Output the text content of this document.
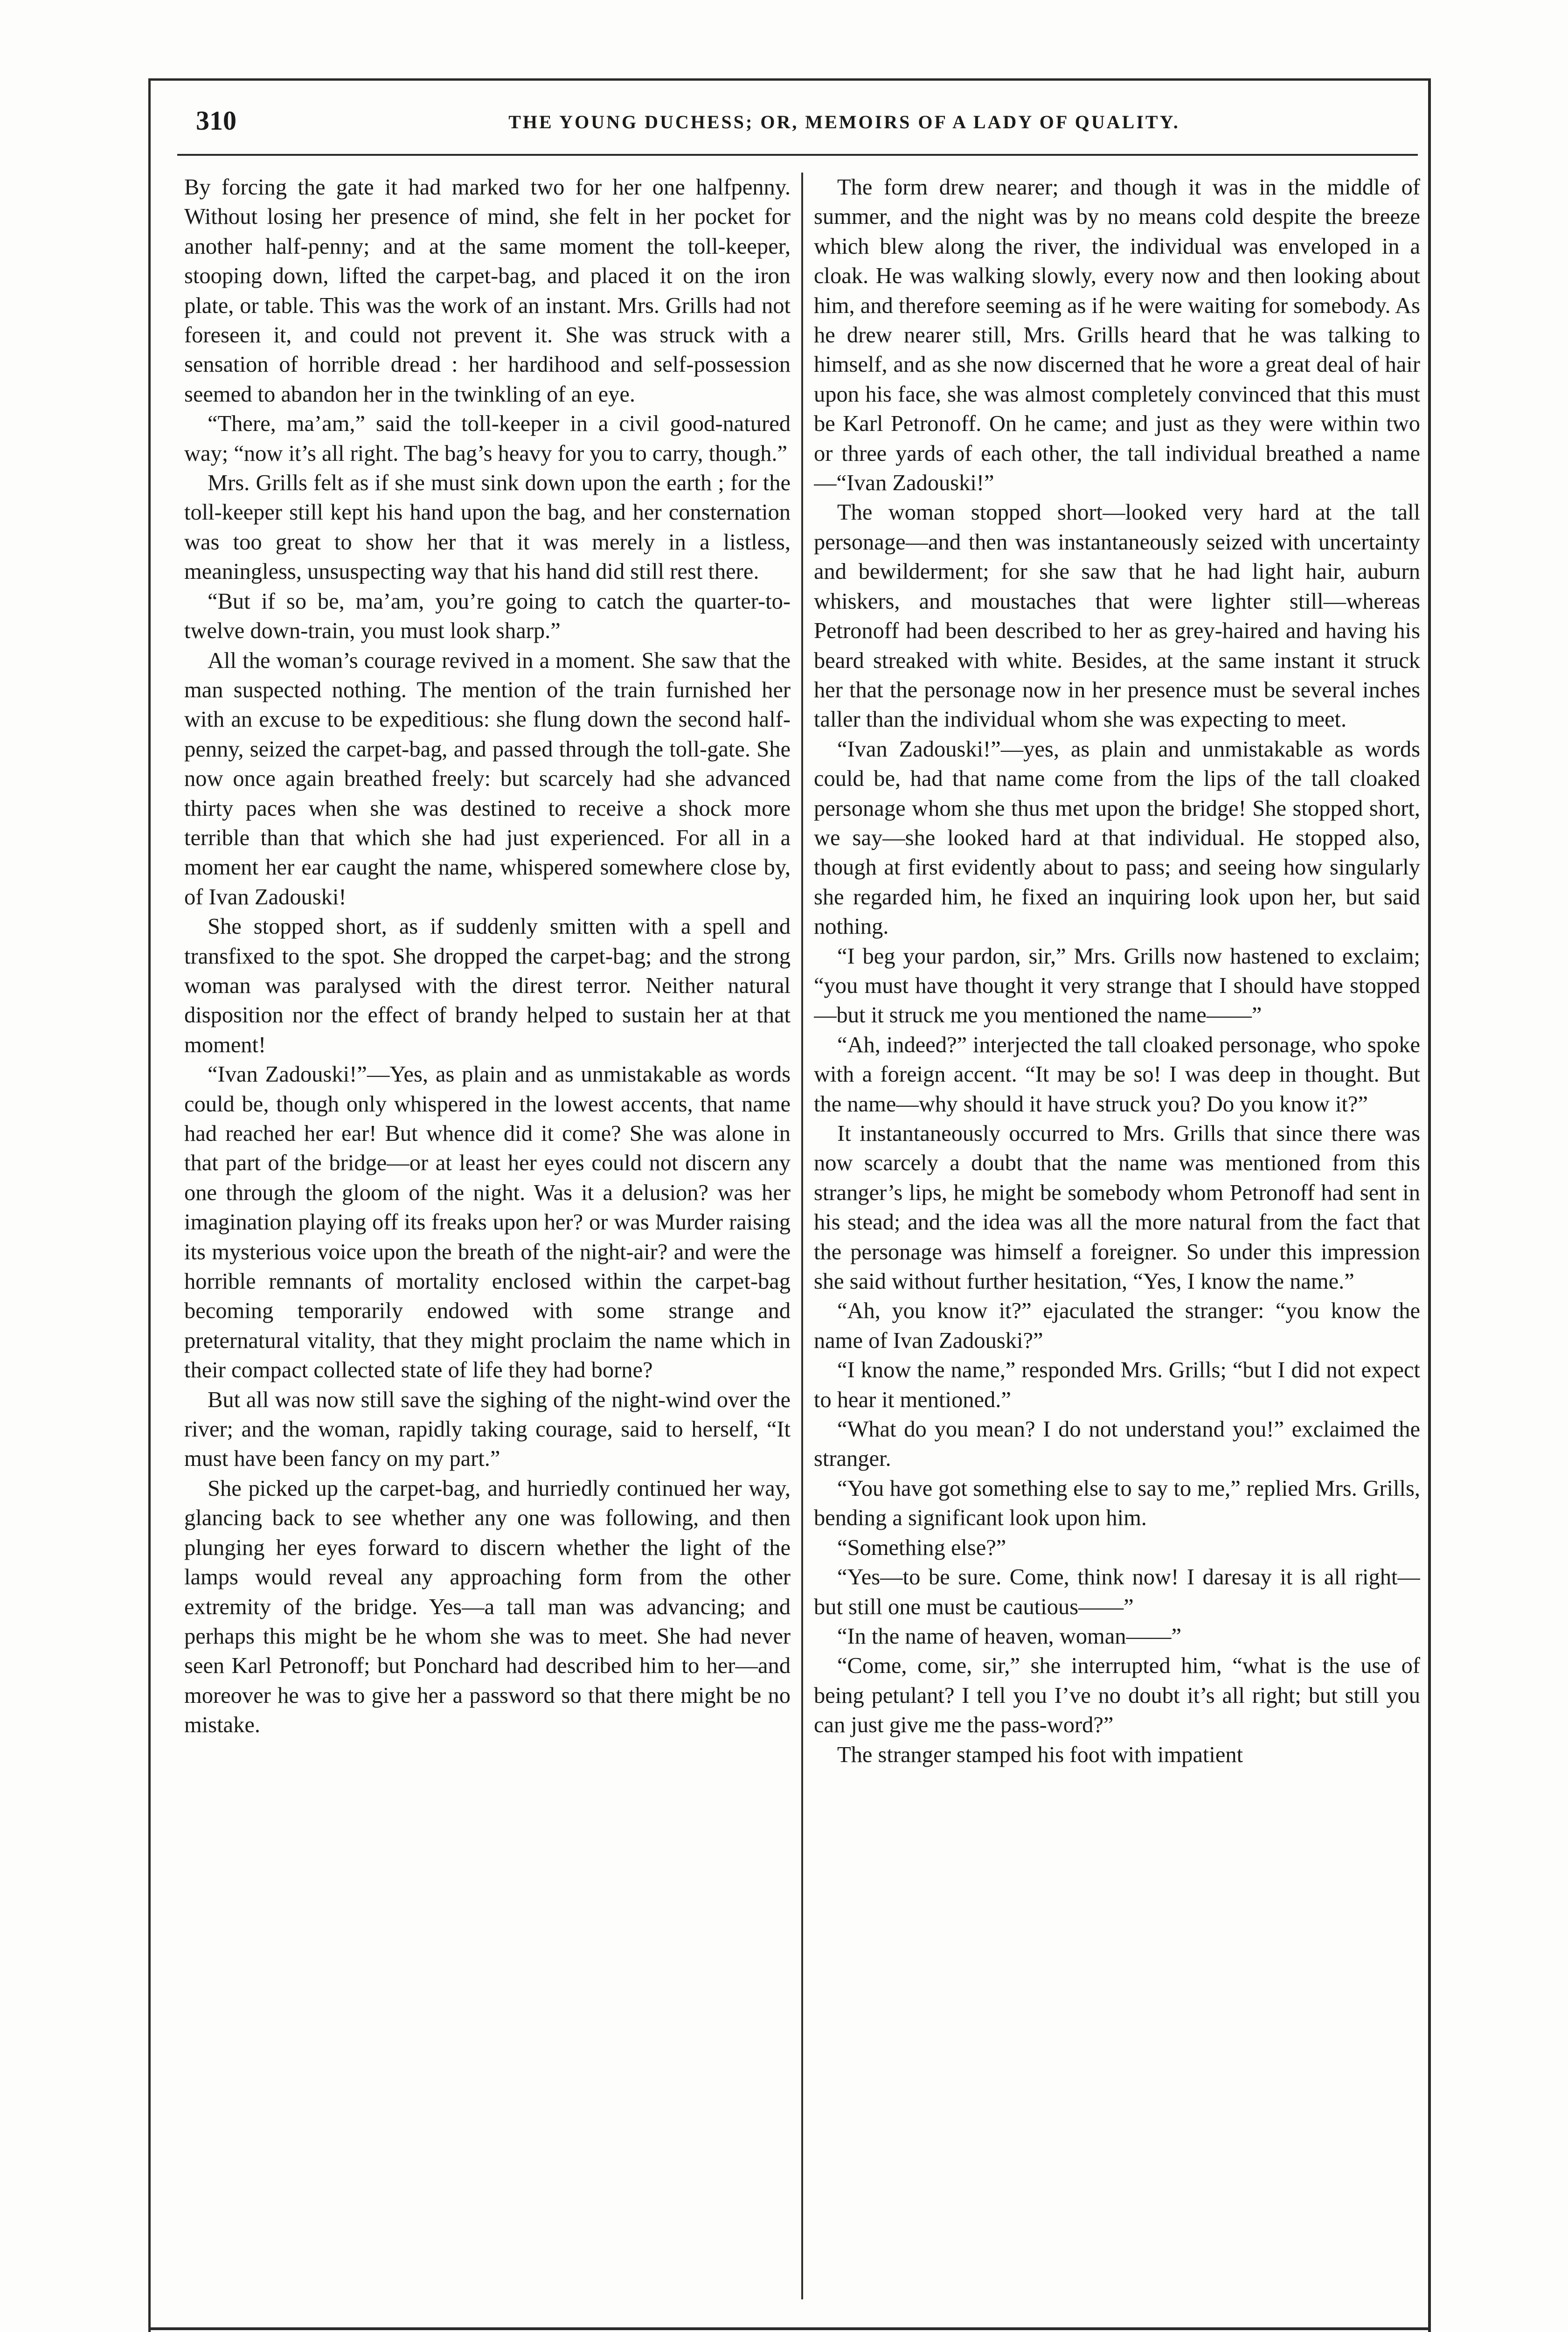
310	THE YOUNG DUCHESS; OR, MEMOIRS OF A LADY OF QUALITY.

By forcing the gate it had marked two for her one halfpenny. Without losing her presence of mind, she felt in her pocket for another half-penny; and at the same moment the toll-keeper, stooping down, lifted the carpet-bag, and placed it on the iron plate, or table. This was the work of an instant. Mrs. Grills had not foreseen it, and could not prevent it. She was struck with a sensation of horrible dread : her hardihood and self-possession seemed to abandon her in the twinkling of an eye.

“There, ma’am,” said the toll-keeper in a civil good-natured way; “now it’s all right. The bag’s heavy for you to carry, though.”

Mrs. Grills felt as if she must sink down upon the earth ; for the toll-keeper still kept his hand upon the bag, and her consternation was too great to show her that it was merely in a listless, meaningless, unsuspecting way that his hand did still rest there.

“But if so be, ma’am, you’re going to catch the quarter-to-twelve down-train, you must look sharp.”

All the woman’s courage revived in a moment. She saw that the man suspected nothing. The mention of the train furnished her with an excuse to be expeditious: she flung down the second half-penny, seized the carpet-bag, and passed through the toll-gate. She now once again breathed freely: but scarcely had she advanced thirty paces when she was destined to receive a shock more terrible than that which she had just experienced. For all in a moment her ear caught the name, whispered somewhere close by, of Ivan Zadouski!

She stopped short, as if suddenly smitten with a spell and transfixed to the spot. She dropped the carpet-bag; and the strong woman was paralysed with the direst terror. Neither natural disposition nor the effect of brandy helped to sustain her at that moment!

“Ivan Zadouski!”—Yes, as plain and as unmistakable as words could be, though only whispered in the lowest accents, that name had reached her ear! But whence did it come? She was alone in that part of the bridge—or at least her eyes could not discern any one through the gloom of the night. Was it a delusion? was her imagination playing off its freaks upon her? or was Murder raising its mysterious voice upon the breath of the night-air? and were the horrible remnants of mortality enclosed within the carpet-bag becoming temporarily endowed with some strange and preternatural vitality, that they might proclaim the name which in their compact collected state of life they had borne?

But all was now still save the sighing of the night-wind over the river; and the woman, rapidly taking courage, said to herself, “It must have been fancy on my part.”

She picked up the carpet-bag, and hurriedly continued her way, glancing back to see whether any one was following, and then plunging her eyes forward to discern whether the light of the lamps would reveal any approaching form from the other extremity of the bridge. Yes—a tall man was advancing; and perhaps this might be he whom she was to meet. She had never seen Karl Petronoff; but Ponchard had described him to her—and moreover he was to give her a password so that there might be no mistake.

The form drew nearer; and though it was in the middle of summer, and the night was by no means cold despite the breeze which blew along the river, the individual was enveloped in a cloak. He was walking slowly, every now and then looking about him, and therefore seeming as if he were waiting for somebody. As he drew nearer still, Mrs. Grills heard that he was talking to himself, and as she now discerned that he wore a great deal of hair upon his face, she was almost completely convinced that this must be Karl Petronoff. On he came; and just as they were within two or three yards of each other, the tall individual breathed a name—“Ivan Zadouski!”

The woman stopped short—looked very hard at the tall personage—and then was instantaneously seized with uncertainty and bewilderment; for she saw that he had light hair, auburn whiskers, and moustaches that were lighter still—whereas Petronoff had been described to her as grey-haired and having his beard streaked with white. Besides, at the same instant it struck her that the personage now in her presence must be several inches taller than the individual whom she was expecting to meet.

“Ivan Zadouski!”—yes, as plain and unmistakable as words could be, had that name come from the lips of the tall cloaked personage whom she thus met upon the bridge! She stopped short, we say—she looked hard at that individual. He stopped also, though at first evidently about to pass; and seeing how singularly she regarded him, he fixed an inquiring look upon her, but said nothing.

“I beg your pardon, sir,” Mrs. Grills now hastened to exclaim; “you must have thought it very strange that I should have stopped—but it struck me you mentioned the name——”

“Ah, indeed?” interjected the tall cloaked personage, who spoke with a foreign accent. “It may be so! I was deep in thought. But the name—why should it have struck you? Do you know it?”

It instantaneously occurred to Mrs. Grills that since there was now scarcely a doubt that the name was mentioned from this stranger’s lips, he might be somebody whom Petronoff had sent in his stead; and the idea was all the more natural from the fact that the personage was himself a foreigner. So under this impression she said without further hesitation, “Yes, I know the name.”

“Ah, you know it?” ejaculated the stranger: “you know the name of Ivan Zadouski?”

“I know the name,” responded Mrs. Grills; “but I did not expect to hear it mentioned.”

“What do you mean? I do not understand you!” exclaimed the stranger.

“You have got something else to say to me,” replied Mrs. Grills, bending a significant look upon him.

“Something else?”

“Yes—to be sure. Come, think now! I daresay it is all right—but still one must be cautious——”

“In the name of heaven, woman——”

“Come, come, sir,” she interrupted him, “what is the use of being petulant? I tell you I’ve no doubt it’s all right; but still you can just give me the pass-word?”

The stranger stamped his foot with impatient
